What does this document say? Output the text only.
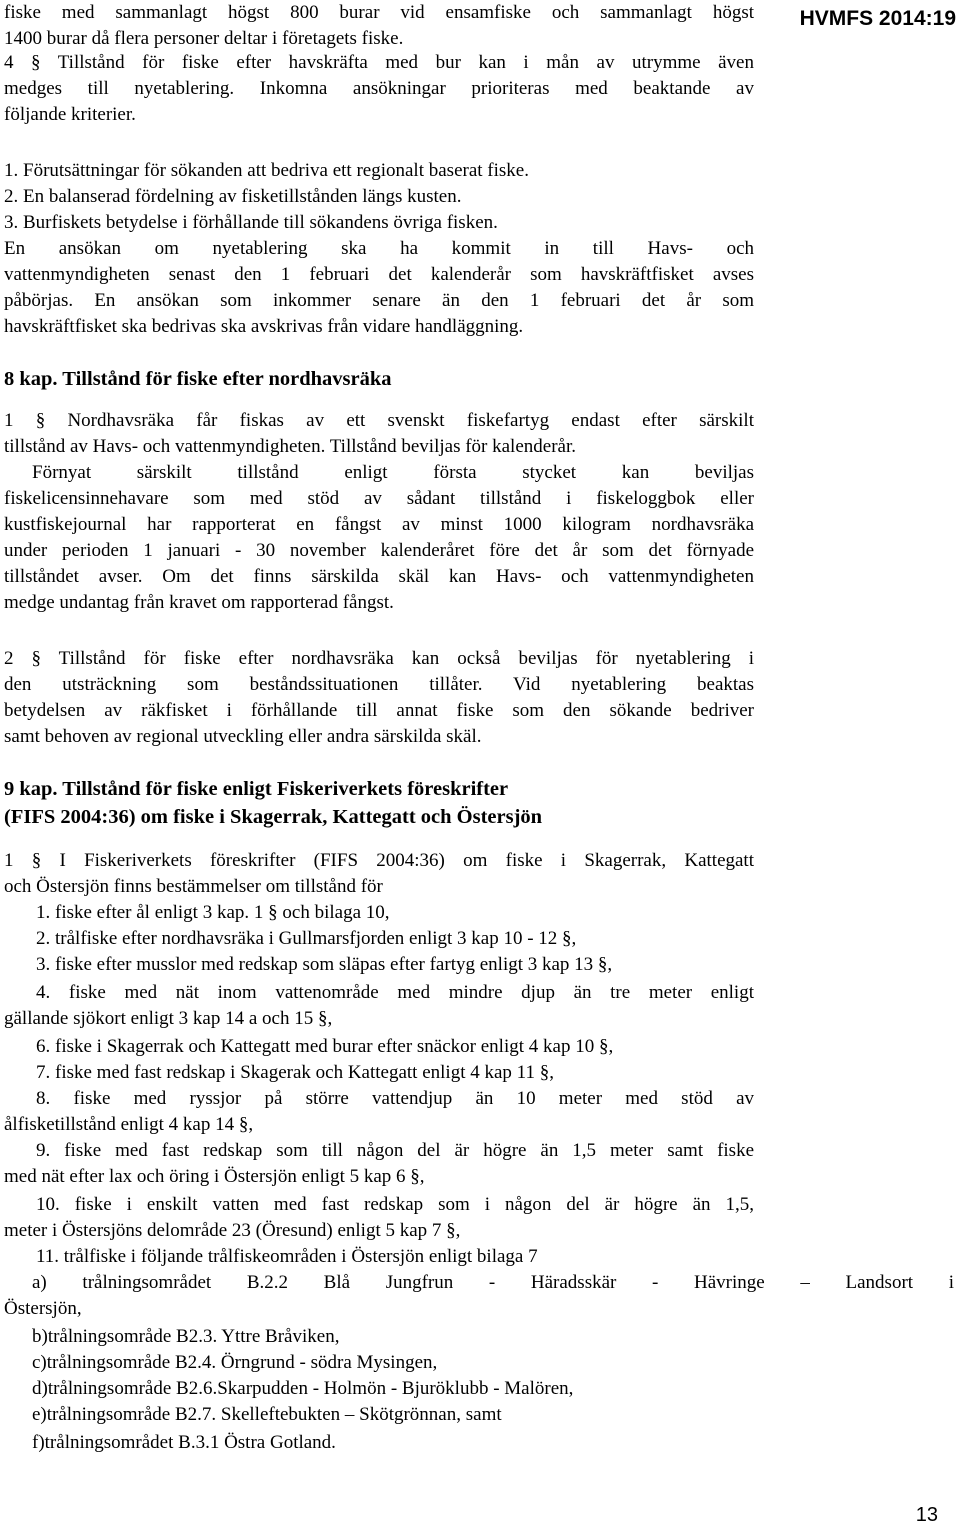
HVMFS 2014:19
fiske med sammanlagt högst 800 burar vid ensamfiske och sammanlagt högst
1400 burar då flera personer deltar i företagets fiske.
4 § Tillstånd för fiske efter havskräfta med bur kan i mån av utrymme även
medges till nyetablering. Inkomna ansökningar prioriteras med beaktande av
följande kriterier.
1. Förutsättningar för sökanden att bedriva ett regionalt baserat fiske.
2. En balanserad fördelning av fisketillstånden längs kusten.
3. Burfiskets betydelse i förhållande till sökandens övriga fisken.
En ansökan om nyetablering ska ha kommit in till Havs- och
vattenmyndigheten senast den 1 februari det kalenderår som havskräftfisket avses
påbörjas. En ansökan som inkommer senare än den 1 februari det år som
havskräftfisket ska bedrivas ska avskrivas från vidare handläggning.
8 kap. Tillstånd för fiske efter nordhavsräka
1 § Nordhavsräka får fiskas av ett svenskt fiskefartyg endast efter särskilt
tillstånd av Havs- och vattenmyndigheten. Tillstånd beviljas för kalenderår.
Förnyat särskilt tillstånd enligt första stycket kan beviljas
fiskelicensinnehavare som med stöd av sådant tillstånd i fiskeloggbok eller
kustfiskejournal har rapporterat en fångst av minst 1000 kilogram nordhavsräka
under perioden 1 januari - 30 november kalenderåret före det år som det förnyade
tillståndet avser. Om det finns särskilda skäl kan Havs- och vattenmyndigheten
medge undantag från kravet om rapporterad fångst.
2 § Tillstånd för fiske efter nordhavsräka kan också beviljas för nyetablering i
den utsträckning som beståndssituationen tillåter. Vid nyetablering beaktas
betydelsen av räkfisket i förhållande till annat fiske som den sökande bedriver
samt behoven av regional utveckling eller andra särskilda skäl.
9 kap. Tillstånd för fiske enligt Fiskeriverkets föreskrifter
(FIFS 2004:36) om fiske i Skagerrak, Kattegatt och Östersjön
1 § I Fiskeriverkets föreskrifter (FIFS 2004:36) om fiske i Skagerrak, Kattegatt
och Östersjön finns bestämmelser om tillstånd för
1. fiske efter ål enligt 3 kap. 1 § och bilaga 10,
2. trålfiske efter nordhavsräka i Gullmarsfjorden enligt 3 kap 10 - 12 §,
3. fiske efter musslor med redskap som släpas efter fartyg enligt 3 kap 13 §,
4. fiske med nät inom vattenområde med mindre djup än tre meter enligt
gällande sjökort enligt 3 kap 14 a och 15 §,
6. fiske i Skagerrak och Kattegatt med burar efter snäckor enligt 4 kap 10 §,
7. fiske med fast redskap i Skagerak och Kattegatt enligt 4 kap 11 §,
8. fiske med ryssjor på större vattendjup än 10 meter med stöd av
ålfisketillstånd enligt 4 kap 14 §,
9. fiske med fast redskap som till någon del är högre än 1,5 meter samt fiske
med nät efter lax och öring i Östersjön enligt 5 kap 6 §,
10. fiske i enskilt vatten med fast redskap som i någon del är högre än 1,5,
meter i Östersjöns delområde 23 (Öresund) enligt 5 kap 7 §,
11. trålfiske i följande trålfiskeområden i Östersjön enligt bilaga 7
a) trålningsområdet B.2.2 Blå Jungfrun - Häradsskär - Hävringe – Landsort i
Östersjön,
b)trålningsområde B2.3. Yttre Bråviken,
c)trålningsområde B2.4. Örngrund - södra Mysingen,
d)trålningsområde B2.6.Skarpudden - Holmön - Bjuröklubb - Malören,
e)trålningsområde B2.7. Skelleftebukten – Skötgrönnan, samt
f)trålningsområdet B.3.1 Östra Gotland.
13
